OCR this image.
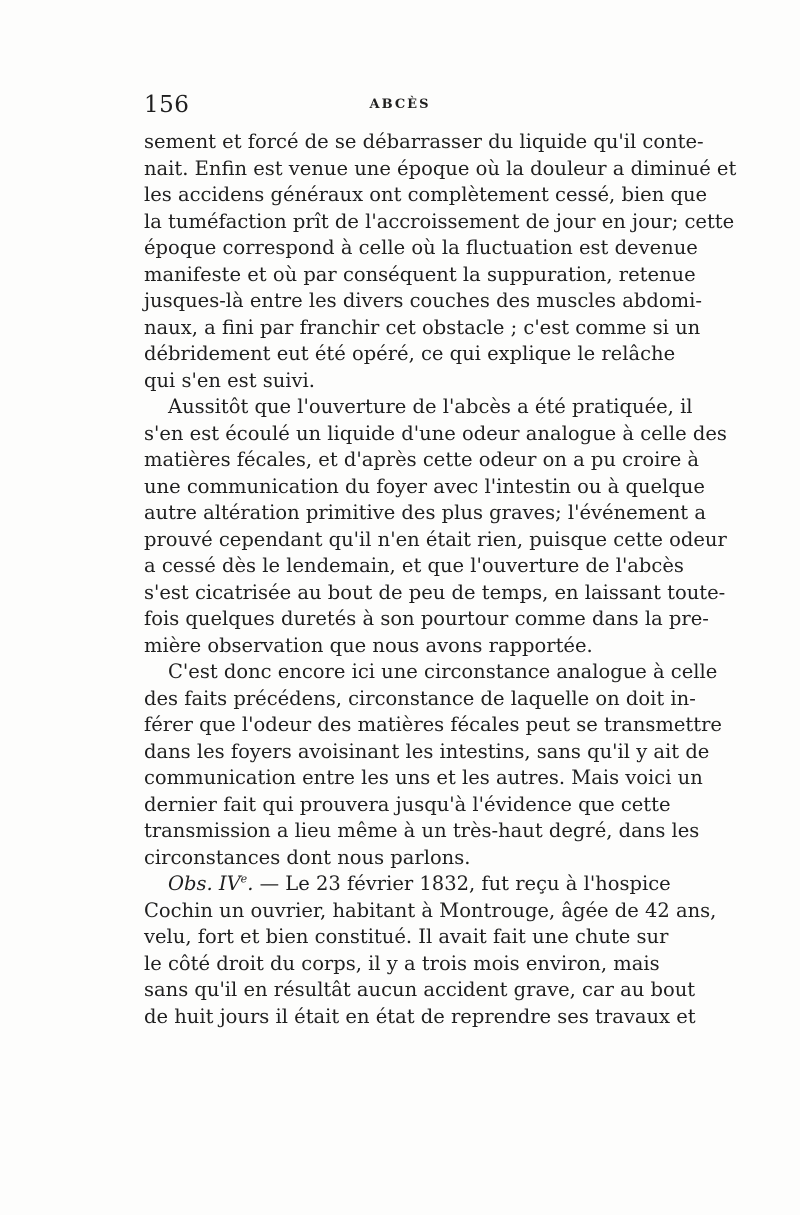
156	ABCÈS
sement et forcé de se débarrasser du liquide qu'il conte-
nait. Enfin est venue une époque où la douleur a diminué et
les accidens généraux ont complètement cessé, bien que
la tuméfaction prît de l'accroissement de jour en jour; cette
époque correspond à celle où la fluctuation est devenue
manifeste et où par conséquent la suppuration, retenue
jusques-là entre les divers couches des muscles abdomi-
naux, a fini par franchir cet obstacle ; c'est comme si un
débridement eut été opéré, ce qui explique le relâche
qui s'en est suivi.
Aussitôt que l'ouverture de l'abcès a été pratiquée, il
s'en est écoulé un liquide d'une odeur analogue à celle des
matières fécales, et d'après cette odeur on a pu croire à
une communication du foyer avec l'intestin ou à quelque
autre altération primitive des plus graves; l'événement a
prouvé cependant qu'il n'en était rien, puisque cette odeur
a cessé dès le lendemain, et que l'ouverture de l'abcès
s'est cicatrisée au bout de peu de temps, en laissant toute-
fois quelques duretés à son pourtour comme dans la pre-
mière observation que nous avons rapportée.
C'est donc encore ici une circonstance analogue à celle
des faits précédens, circonstance de laquelle on doit in-
férer que l'odeur des matières fécales peut se transmettre
dans les foyers avoisinant les intestins, sans qu'il y ait de
communication entre les uns et les autres. Mais voici un
dernier fait qui prouvera jusqu'à l'évidence que cette
transmission a lieu même à un très-haut degré, dans les
circonstances dont nous parlons.
Obs. IVe. — Le 23 février 1832, fut reçu à l'hospice
Cochin un ouvrier, habitant à Montrouge, âgée de 42 ans,
velu, fort et bien constitué. Il avait fait une chute sur
le côté droit du corps, il y a trois mois environ, mais
sans qu'il en résultât aucun accident grave, car au bout
de huit jours il était en état de reprendre ses travaux et
